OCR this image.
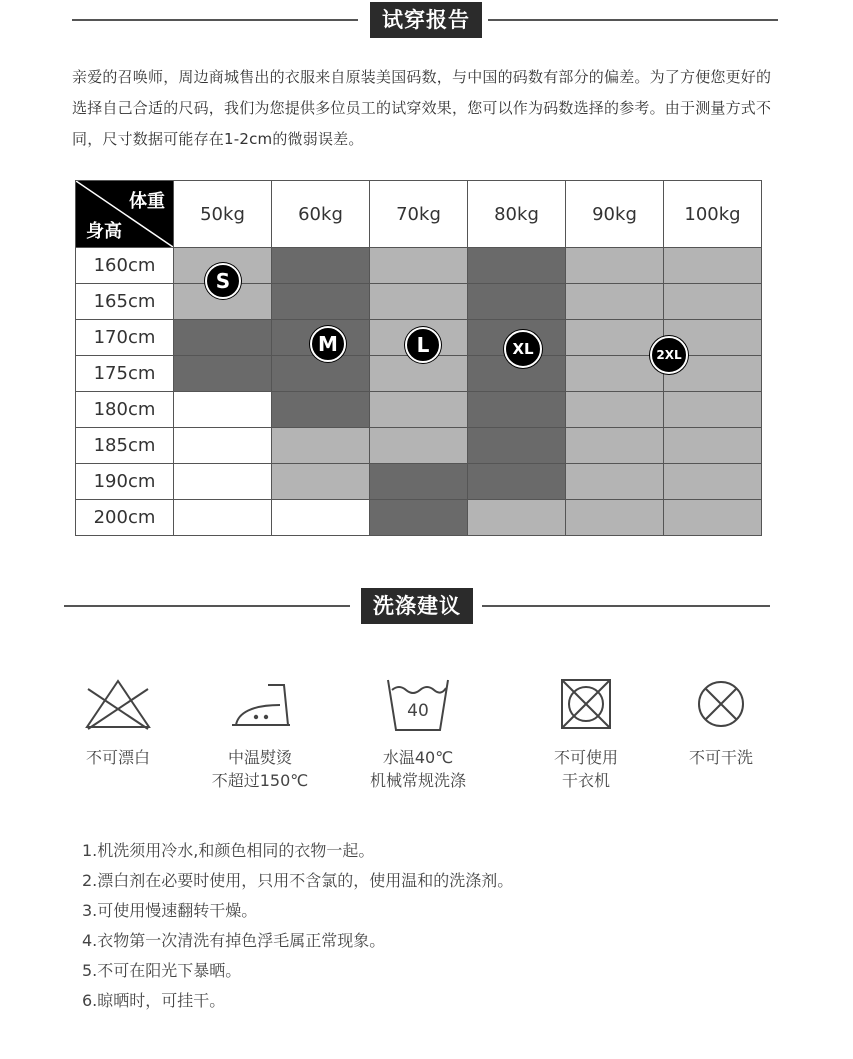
试穿报告
亲爱的召唤师，周边商城售出的衣服来自原装美国码数，与中国的码数有部分的偏差。为了方便您更好的选择自己合适的尺码，我们为您提供多位员工的试穿效果，您可以作为码数选择的参考。由于测量方式不同，尺寸数据可能存在1-2cm的微弱误差。
体重
身高	50kg	60kg	70kg	80kg	90kg	100kg
160cm						
165cm						
170cm						
175cm						
180cm						
185cm						
190cm						
200cm						
S
M	L	XL	2XL
洗涤建议
不可漂白	中温熨烫
不超过150℃
40
水温40℃
机械常规洗涤
不可使用
干衣机
不可干洗
1.机洗须用冷水,和颜色相同的衣物一起。
2.漂白剂在必要时使用，只用不含氯的，使用温和的洗涤剂。
3.可使用慢速翻转干燥。
4.衣物第一次清洗有掉色浮毛属正常现象。
5.不可在阳光下暴晒。
6.晾晒时，可挂干。
